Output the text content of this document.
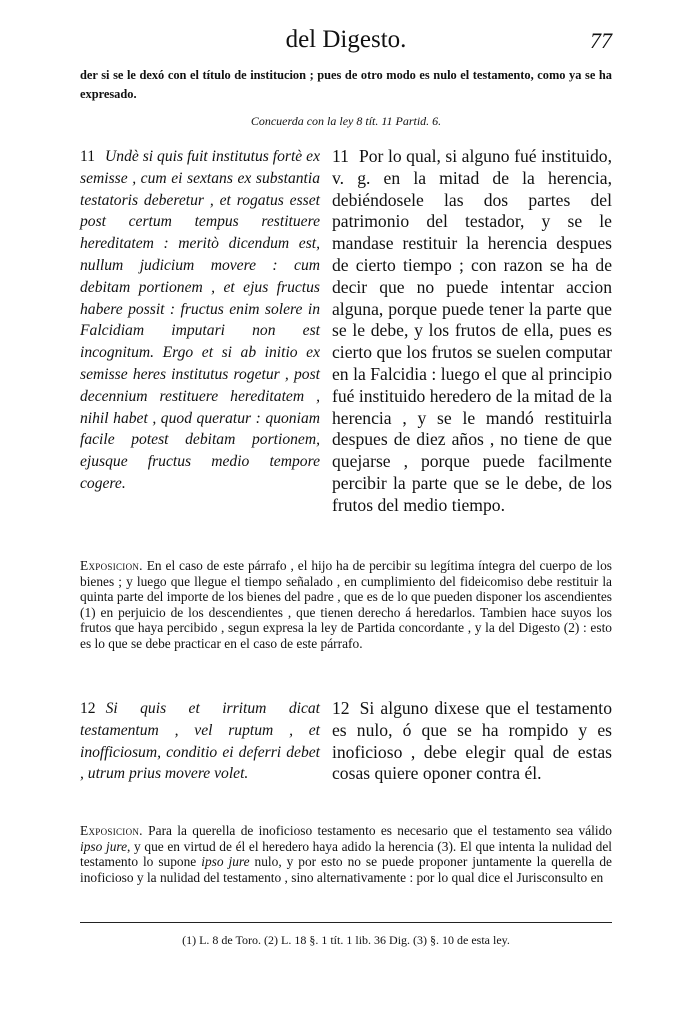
del Digesto.	77
der si se le dexó con el título de institucion ; pues de otro modo es nulo el testamento, como ya se ha expresado.
Concuerda con la ley 8 tít. 11 Partid. 6.
11 Undè si quis fuit institutus fortè ex semisse , cum ei sextans ex substantia testatoris deberetur , et rogatus esset post certum tempus restituere hereditatem : meritò dicendum est, nullum judicium movere : cum debitam portionem , et ejus fructus habere possit : fructus enim solere in Falcidiam imputari non est incognitum. Ergo et si ab initio ex semisse heres institutus rogetur , post decennium restituere hereditatem , nihil habet , quod queratur : quoniam facile potest debitam portionem, ejusque fructus medio tempore cogere.
11 Por lo qual, si alguno fué instituido, v. g. en la mitad de la herencia, debiéndosele las dos partes del patrimonio del testador, y se le mandase restituir la herencia despues de cierto tiempo ; con razon se ha de decir que no puede intentar accion alguna, porque puede tener la parte que se le debe, y los frutos de ella, pues es cierto que los frutos se suelen computar en la Falcidia : luego el que al principio fué instituido heredero de la mitad de la herencia , y se le mandó restituirla despues de diez años , no tiene de que quejarse , porque puede facilmente percibir la parte que se le debe, de los frutos del medio tiempo.
Exposicion. En el caso de este párrafo , el hijo ha de percibir su legítima íntegra del cuerpo de los bienes ; y luego que llegue el tiempo señalado , en cumplimiento del fideicomiso debe restituir la quinta parte del importe de los bienes del padre , que es de lo que pueden disponer los ascendientes (1) en perjuicio de los descendientes , que tienen derecho á heredarlos. Tambien hace suyos los frutos que haya percibido , segun expresa la ley de Partida concordante , y la del Digesto (2) : esto es lo que se debe practicar en el caso de este párrafo.
12 Si quis et irritum dicat testamentum , vel ruptum , et inofficiosum, conditio ei deferri debet , utrum prius movere volet.
12 Si alguno dixese que el testamento es nulo, ó que se ha rompido y es inoficioso , debe elegir qual de estas cosas quiere oponer contra él.
Exposicion. Para la querella de inoficioso testamento es necesario que el testamento sea válido ipso jure, y que en virtud de él el heredero haya adido la herencia (3). El que intenta la nulidad del testamento lo supone ipso jure nulo, y por esto no se puede proponer juntamente la querella de inoficioso y la nulidad del testamento , sino alternativamente : por lo qual dice el Jurisconsulto en
(1) L. 8 de Toro. (2) L. 18 §. 1 tít. 1 lib. 36 Dig. (3) §. 10 de esta ley.
